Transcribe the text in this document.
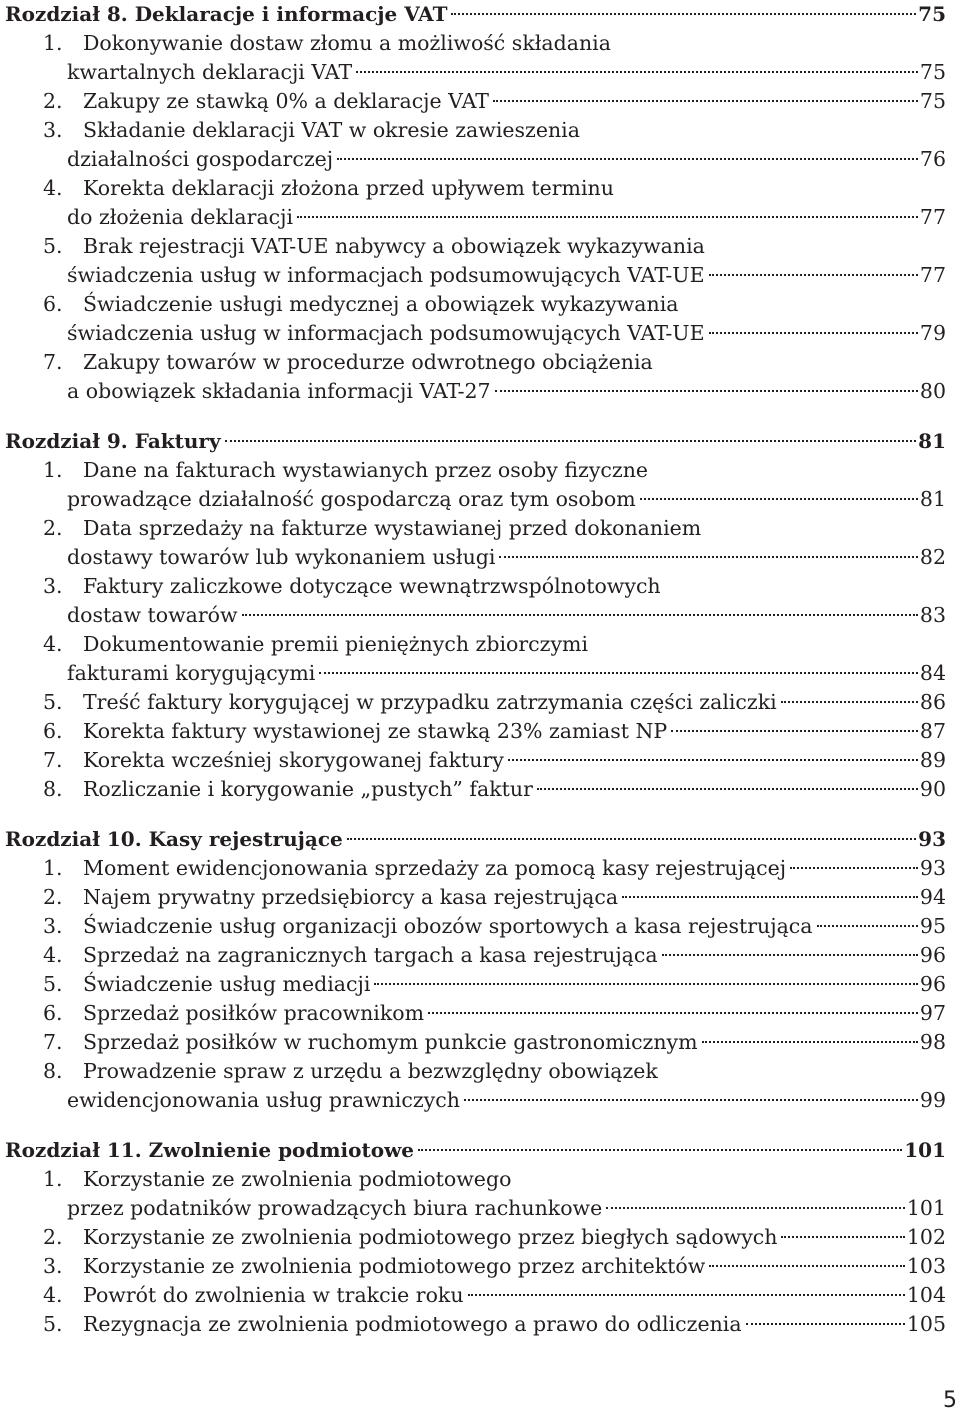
Rozdział 8. Deklaracje i informacje VAT	75
1. Dokonywanie dostaw złomu a możliwość składania
kwartalnych deklaracji VAT	75
2. Zakupy ze stawką 0% a deklaracje VAT	75
3. Składanie deklaracji VAT w okresie zawieszenia
działalności gospodarczej	76
4. Korekta deklaracji złożona przed upływem terminu
do złożenia deklaracji	77
5. Brak rejestracji VAT-UE nabywcy a obowiązek wykazywania
świadczenia usług w informacjach podsumowujących VAT-UE	77
6. Świadczenie usługi medycznej a obowiązek wykazywania
świadczenia usług w informacjach podsumowujących VAT-UE	79
7. Zakupy towarów w procedurze odwrotnego obciążenia
a obowiązek składania informacji VAT-27	80
Rozdział 9. Faktury	81
1. Dane na fakturach wystawianych przez osoby fizyczne
prowadzące działalność gospodarczą oraz tym osobom	81
2. Data sprzedaży na fakturze wystawianej przed dokonaniem
dostawy towarów lub wykonaniem usługi	82
3. Faktury zaliczkowe dotyczące wewnątrzwspólnotowych
dostaw towarów	83
4. Dokumentowanie premii pieniężnych zbiorczymi
fakturami korygującymi	84
5. Treść faktury korygującej w przypadku zatrzymania części zaliczki	86
6. Korekta faktury wystawionej ze stawką 23% zamiast NP	87
7. Korekta wcześniej skorygowanej faktury	89
8. Rozliczanie i korygowanie „pustych” faktur	90
Rozdział 10. Kasy rejestrujące	93
1. Moment ewidencjonowania sprzedaży za pomocą kasy rejestrującej	93
2. Najem prywatny przedsiębiorcy a kasa rejestrująca	94
3. Świadczenie usług organizacji obozów sportowych a kasa rejestrująca	95
4. Sprzedaż na zagranicznych targach a kasa rejestrująca	96
5. Świadczenie usług mediacji	96
6. Sprzedaż posiłków pracownikom	97
7. Sprzedaż posiłków w ruchomym punkcie gastronomicznym	98
8. Prowadzenie spraw z urzędu a bezwzględny obowiązek
ewidencjonowania usług prawniczych	99
Rozdział 11. Zwolnienie podmiotowe	101
1. Korzystanie ze zwolnienia podmiotowego
przez podatników prowadzących biura rachunkowe	101
2. Korzystanie ze zwolnienia podmiotowego przez biegłych sądowych	102
3. Korzystanie ze zwolnienia podmiotowego przez architektów	103
4. Powrót do zwolnienia w trakcie roku	104
5. Rezygnacja ze zwolnienia podmiotowego a prawo do odliczenia	105
5
